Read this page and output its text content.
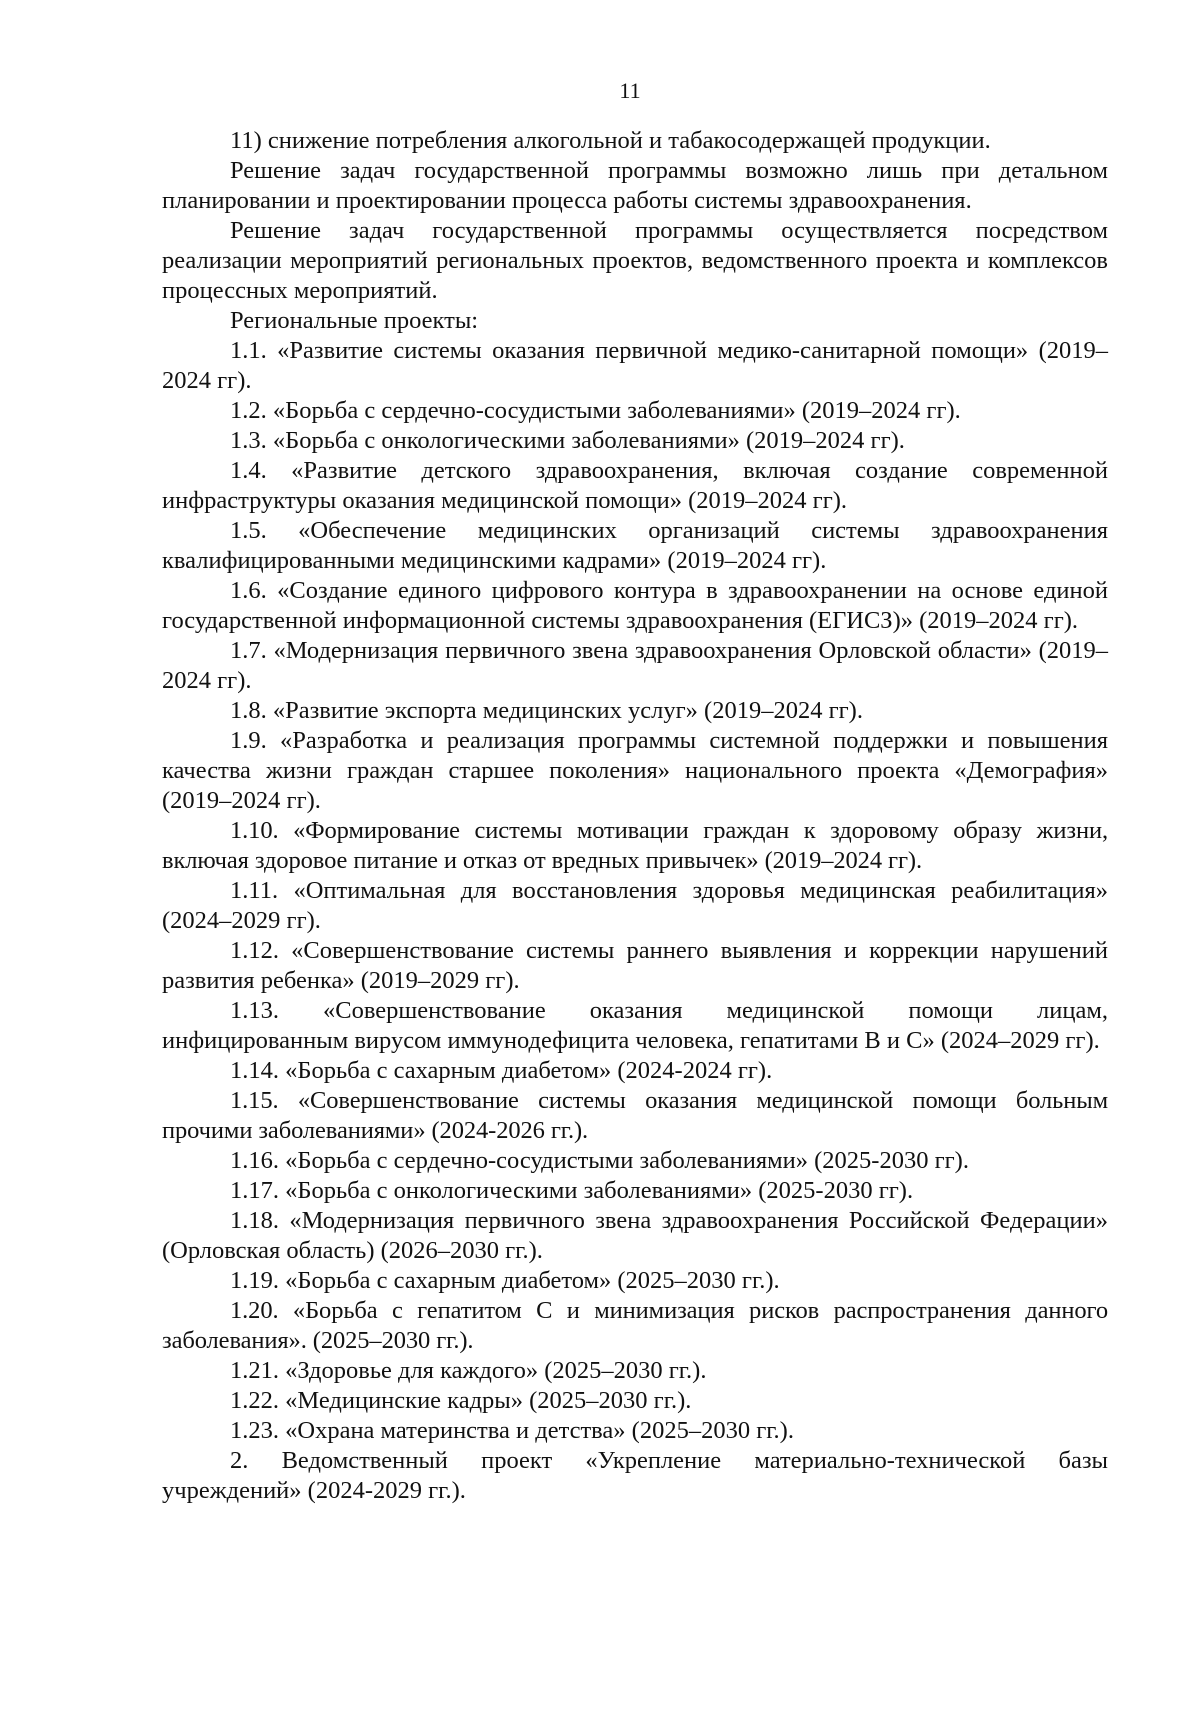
11

11) снижение потребления алкогольной и табакосодержащей продукции.

Решение задач государственной программы возможно лишь при детальном планировании и проектировании процесса работы системы здравоохранения.

Решение задач государственной программы осуществляется посредством реализации мероприятий региональных проектов, ведомственного проекта и комплексов процессных мероприятий.

Региональные проекты:

1.1. «Развитие системы оказания первичной медико-санитарной помощи» (2019–2024 гг).

1.2. «Борьба с сердечно-сосудистыми заболеваниями» (2019–2024 гг).

1.3. «Борьба с онкологическими заболеваниями» (2019–2024 гг).

1.4. «Развитие детского здравоохранения, включая создание современной инфраструктуры оказания медицинской помощи» (2019–2024 гг).

1.5. «Обеспечение медицинских организаций системы здравоохранения квалифицированными медицинскими кадрами» (2019–2024 гг).

1.6. «Создание единого цифрового контура в здравоохранении на основе единой государственной информационной системы здравоохранения (ЕГИСЗ)» (2019–2024 гг).

1.7. «Модернизация первичного звена здравоохранения Орловской области» (2019–2024 гг).

1.8. «Развитие экспорта медицинских услуг» (2019–2024 гг).

1.9. «Разработка и реализация программы системной поддержки и повышения качества жизни граждан старшее поколения» национального проекта «Демография» (2019–2024 гг).

1.10. «Формирование системы мотивации граждан к здоровому образу жизни, включая здоровое питание и отказ от вредных привычек» (2019–2024 гг).

1.11. «Оптимальная для восстановления здоровья медицинская реабилитация» (2024–2029 гг).

1.12. «Совершенствование системы раннего выявления и коррекции нарушений развития ребенка» (2019–2029 гг).

1.13. «Совершенствование оказания медицинской помощи лицам, инфицированным вирусом иммунодефицита человека, гепатитами В и С» (2024–2029 гг).

1.14. «Борьба с сахарным диабетом» (2024-2024 гг).

1.15. «Совершенствование системы оказания медицинской помощи больным прочими заболеваниями» (2024-2026 гг.).

1.16. «Борьба с сердечно-сосудистыми заболеваниями» (2025-2030 гг).

1.17. «Борьба с онкологическими заболеваниями» (2025-2030 гг).

1.18. «Модернизация первичного звена здравоохранения Российской Федерации» (Орловская область) (2026–2030 гг.).

1.19. «Борьба с сахарным диабетом» (2025–2030 гг.).

1.20. «Борьба с гепатитом С и минимизация рисков распространения данного заболевания». (2025–2030 гг.).

1.21. «Здоровье для каждого» (2025–2030 гг.).

1.22. «Медицинские кадры» (2025–2030 гг.).

1.23. «Охрана материнства и детства» (2025–2030 гг.).

2. Ведомственный проект «Укрепление материально-технической базы учреждений» (2024-2029 гг.).
